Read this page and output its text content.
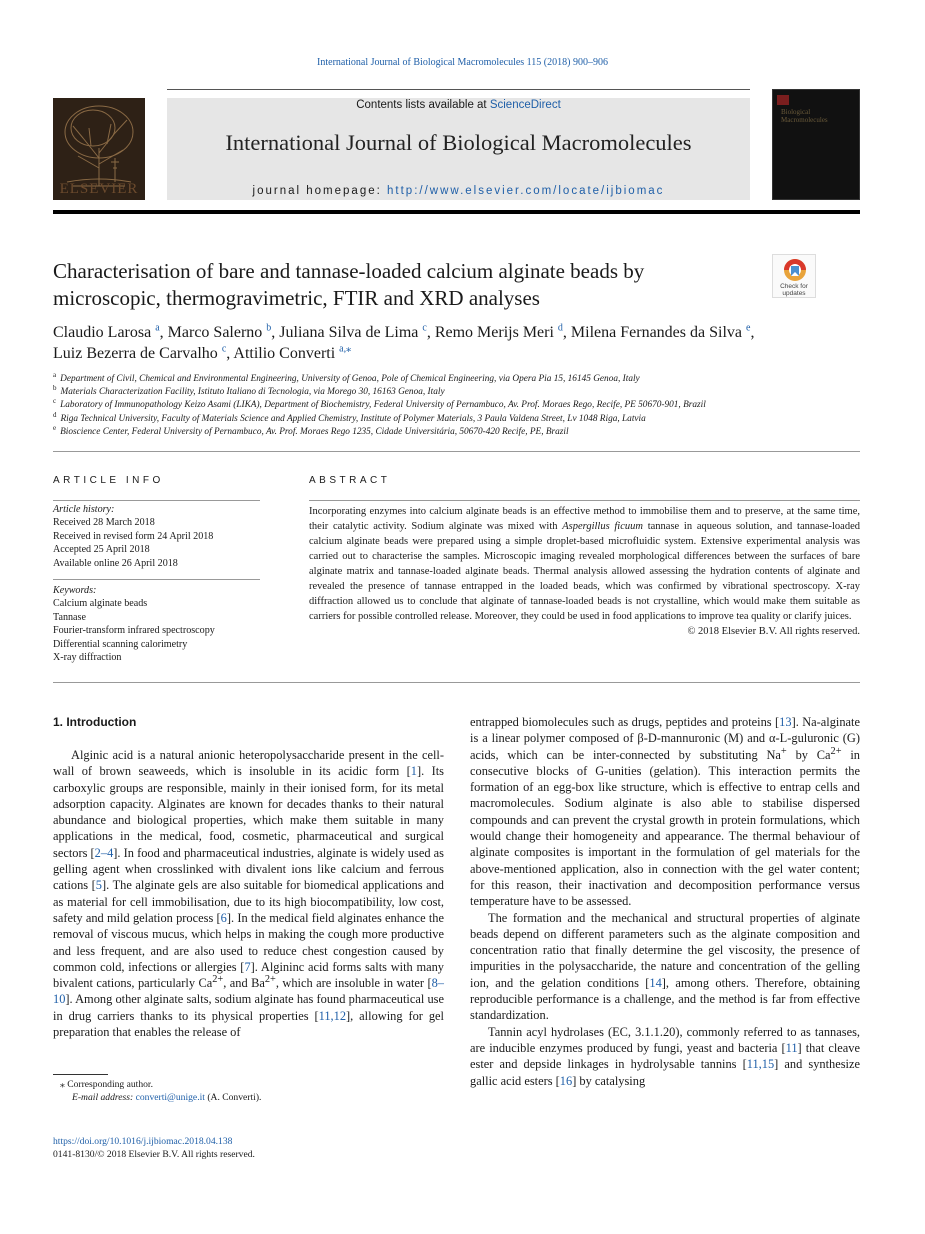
International Journal of Biological Macromolecules 115 (2018) 900–906
ELSEVIER
Contents lists available at ScienceDirect
International Journal of Biological Macromolecules
journal homepage: http://www.elsevier.com/locate/ijbiomac
Biological Macromolecules
Characterisation of bare and tannase-loaded calcium alginate beads by microscopic, thermogravimetric, FTIR and XRD analyses	Check for updates
Claudio Larosa $^a$, Marco Salerno $^b$, Juliana Silva de Lima $^c$, Remo Merijs Meri $^d$, Milena Fernandes da Silva $^e$,
Luiz Bezerra de Carvalho $^c$, Attilio Converti $^{a,⁎}$
$^a$ Department of Civil, Chemical and Environmental Engineering, University of Genoa, Pole of Chemical Engineering, via Opera Pia 15, 16145 Genoa, Italy
$^b$ Materials Characterization Facility, Istituto Italiano di Tecnologia, via Morego 30, 16163 Genoa, Italy
$^c$ Laboratory of Immunopathology Keizo Asami (LIKA), Department of Biochemistry, Federal University of Pernambuco, Av. Prof. Moraes Rego, Recife, PE 50670-901, Brazil
$^d$ Riga Technical University, Faculty of Materials Science and Applied Chemistry, Institute of Polymer Materials, 3 Paula Valdena Street, Lv 1048 Riga, Latvia
$^e$ Bioscience Center, Federal University of Pernambuco, Av. Prof. Moraes Rego 1235, Cidade Universitária, 50670-420 Recife, PE, Brazil
ARTICLE INFO
Article history:
Received 28 March 2018
Received in revised form 24 April 2018
Accepted 25 April 2018
Available online 26 April 2018
Keywords:
Calcium alginate beads
Tannase
Fourier-transform infrared spectroscopy
Differential scanning calorimetry
X-ray diffraction
ABSTRACT
Incorporating enzymes into calcium alginate beads is an effective method to immobilise them and to preserve, at the same time, their catalytic activity. Sodium alginate was mixed with Aspergillus ficuum tannase in aqueous solution, and tannase-loaded calcium alginate beads were prepared using a simple droplet-based microfluidic system. Extensive experimental analysis was carried out to characterise the samples. Microscopic imaging revealed morphological differences between the surfaces of bare alginate matrix and tannase-loaded alginate beads. Thermal analysis allowed assessing the hydration contents of alginate and revealed the presence of tannase entrapped in the loaded beads, which was confirmed by vibrational spectroscopy. X-ray diffraction allowed us to conclude that alginate of tannase-loaded beads is not crystalline, which would make them suitable as carriers for possible controlled release. Moreover, they could be used in food applications to improve tea quality or clarify juices.
© 2018 Elsevier B.V. All rights reserved.
1. Introduction

Alginic acid is a natural anionic heteropolysaccharide present in the cell-wall of brown seaweeds, which is insoluble in its acidic form [1]. Its carboxylic groups are responsible, mainly in their ionised form, for its metal adsorption capacity. Alginates are known for decades thanks to their natural abundance and biological properties, which make them suitable in many applications in the medical, food, cosmetic, pharmaceutical and surgical sectors [2–4]. In food and pharmaceutical industries, alginate is widely used as gelling agent when crosslinked with divalent ions like calcium and ferrous cations [5]. The alginate gels are also suitable for biomedical applications and as material for cell immobilisation, due to its high biocompatibility, low cost, safety and mild gelation process [6]. In the medical field alginates enhance the removal of viscous mucus, which helps in making the cough more productive and less frequent, and are also used to reduce chest congestion caused by common cold, infections or allergies [7]. Algininc acid forms salts with many bivalent cations, particularly $Ca^{2+}$, and $Ba^{2+}$, which are insoluble in water [8–10]. Among other alginate salts, sodium alginate has found pharmaceutical use in drug carriers thanks to its physical properties [11,12], allowing for gel preparation that enables the release of

entrapped biomolecules such as drugs, peptides and proteins [13]. Na-alginate is a linear polymer composed of β-D-mannuronic (M) and α-L-guluronic (G) acids, which can be inter-connected by substituting Na+ by $Ca^{2+}$ in consecutive blocks of G-unities (gelation). This interaction permits the formation of an egg-box like structure, which is effective to entrap cells and macromolecules. Sodium alginate is also able to stabilise dispersed compounds and can prevent the crystal growth in protein formulations, which would change their homogeneity and appearance. The thermal behaviour of alginate composites is important in the formulation of gel materials for the above-mentioned application, also in connection with the gel water content; for this reason, their inactivation and decomposition performance versus temperature have to be assessed.

The formation and the mechanical and structural properties of alginate beads depend on different parameters such as the alginate composition and concentration ratio that finally determine the gel viscosity, the presence of impurities in the polysaccharide, the nature and concentration of the gelling ion, and the gelation conditions [14], among others. Therefore, obtaining reproducible performance is a challenge, and the method is far from effective standardization.

Tannin acyl hydrolases (EC, 3.1.1.20), commonly referred to as tannases, are inducible enzymes produced by fungi, yeast and bacteria [11] that cleave ester and depside linkages in hydrolysable tannins [11,15] and synthesize gallic acid esters [16] by catalysing

⁎ Corresponding author.
E-mail address: converti@unige.it (A. Converti).
https://doi.org/10.1016/j.ijbiomac.2018.04.138
0141-8130/© 2018 Elsevier B.V. All rights reserved.
